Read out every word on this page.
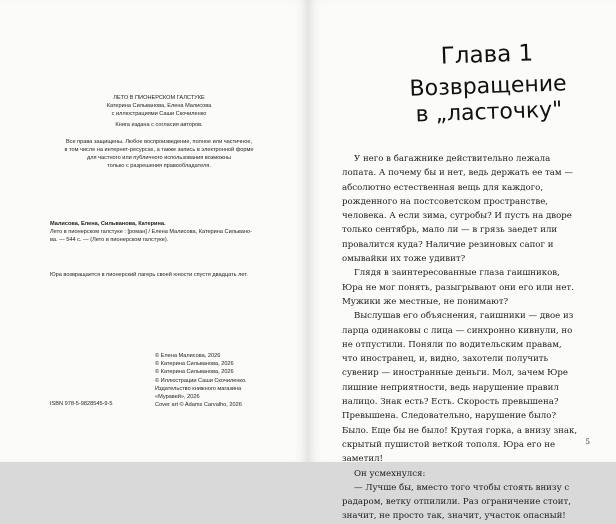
ЛЕТО В ПИОНЕРСКОМ ГАЛСТУКЕ

Катерина Сильванова, Елена Малисова

с иллюстрациями Саши Скочиленко

Книга издана с согласия авторов.

Все права защищены. Любое воспроизведение, полное или частичное,

в том числе на интернет-ресурсах, а также запись в электронной форме

для частного или публичного использования возможны

только с разрешения правообладателя.

Малисова, Елена, Сильванова, Катерина.

Лето в пионерском галстуке : [роман] / Елена Малисова, Катерина Сильвано-

ва. — 544 с. — (Лето в пионерском галстуке).

Юра возвращается в пионерский лагерь своей юности спустя двадцать лет.

© Елена Малисова, 2026

© Катерина Сильванова, 2026

© Катерина Сильванова, 2026

© Иллюстрации Саши Скочиленко.

Издательство книжного магазина

«Муравей», 2026

Cover art © Adams Carvalho, 2026

ISBN 978-5-9828545-9-5
Глава 1
Возвращение
в „ласточку"

У него в багажнике действительно лежала лопата. А почему бы и нет, ведь держать ее там — абсолютно естественная вещь для каждого, рожденного на постсоветском пространстве, человека. А если зима, сугробы? И пусть на дворе только сентябрь, мало ли — в грязь заедет или провалится куда? Наличие резиновых сапог и омывайки их тоже удивит?

Глядя в заинтересованные глаза гаишников, Юра не мог понять, разыгрывают они его или нет. Мужики же местные, не понимают?

Выслушав его объяснения, гаишники — двое из ларца одинаковы с лица — синхронно кивнули, но не отпустили. Поняли по водительским правам, что иностранец, и, видно, захотели получить сувенир — иностранные деньги. Мол, зачем Юре лишние неприятности, ведь нарушение правил налицо. Знак есть? Есть. Скорость превышена? Превышена. Следовательно, нарушение было? Было. Еще бы не было! Крутая горка, а внизу знак, скрытый пушистой веткой тополя. Юра его не заметил!

Он усмехнулся:

— Лучше бы, вместо того чтобы стоять внизу с радаром, ветку отпилили. Раз ограничение стоит, значит, не просто так, значит, участок опасный!

5
